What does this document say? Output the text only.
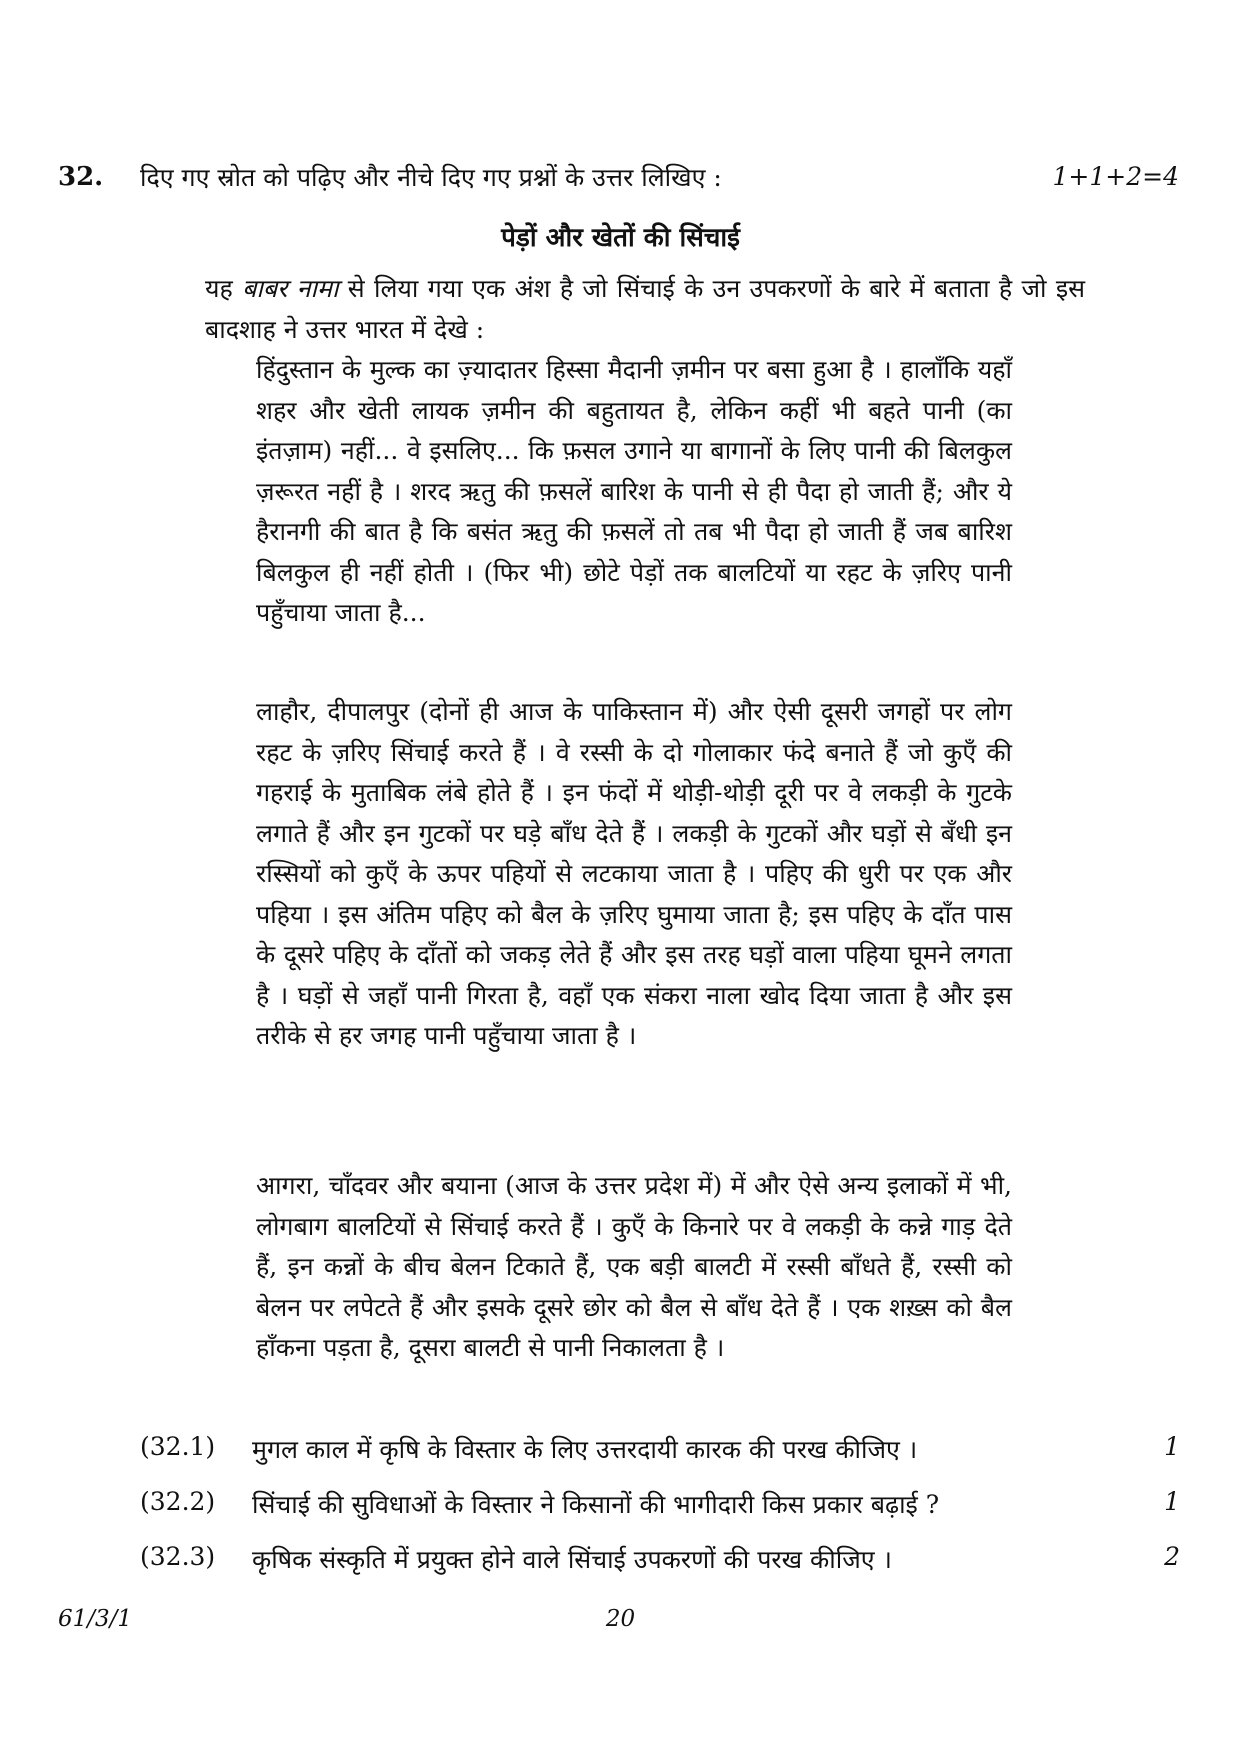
32. दिए गए स्रोत को पढ़िए और नीचे दिए गए प्रश्नों के उत्तर लिखिए :	1+1+2=4
पेड़ों और खेतों की सिंचाई
यह बाबर नामा से लिया गया एक अंश है जो सिंचाई के उन उपकरणों के बारे में बताता है जो इस बादशाह ने उत्तर भारत में देखे :
हिंदुस्तान के मुल्क का ज़्यादातर हिस्सा मैदानी ज़मीन पर बसा हुआ है । हालाँकि यहाँ शहर और खेती लायक ज़मीन की बहुतायत है, लेकिन कहीं भी बहते पानी (का इंतज़ाम) नहीं... वे इसलिए... कि फ़सल उगाने या बागानों के लिए पानी की बिलकुल ज़रूरत नहीं है । शरद ऋतु की फ़सलें बारिश के पानी से ही पैदा हो जाती हैं; और ये हैरानगी की बात है कि बसंत ऋतु की फ़सलें तो तब भी पैदा हो जाती हैं जब बारिश बिलकुल ही नहीं होती । (फिर भी) छोटे पेड़ों तक बालटियों या रहट के ज़रिए पानी पहुँचाया जाता है...
लाहौर, दीपालपुर (दोनों ही आज के पाकिस्तान में) और ऐसी दूसरी जगहों पर लोग रहट के ज़रिए सिंचाई करते हैं । वे रस्सी के दो गोलाकार फंदे बनाते हैं जो कुएँ की गहराई के मुताबिक लंबे होते हैं । इन फंदों में थोड़ी-थोड़ी दूरी पर वे लकड़ी के गुटके लगाते हैं और इन गुटकों पर घड़े बाँध देते हैं । लकड़ी के गुटकों और घड़ों से बँधी इन रस्सियों को कुएँ के ऊपर पहियों से लटकाया जाता है । पहिए की धुरी पर एक और पहिया । इस अंतिम पहिए को बैल के ज़रिए घुमाया जाता है; इस पहिए के दाँत पास के दूसरे पहिए के दाँतों को जकड़ लेते हैं और इस तरह घड़ों वाला पहिया घूमने लगता है । घड़ों से जहाँ पानी गिरता है, वहाँ एक संकरा नाला खोद दिया जाता है और इस तरीके से हर जगह पानी पहुँचाया जाता है ।
आगरा, चाँदवर और बयाना (आज के उत्तर प्रदेश में) में और ऐसे अन्य इलाकों में भी, लोगबाग बालटियों से सिंचाई करते हैं । कुएँ के किनारे पर वे लकड़ी के कन्ने गाड़ देते हैं, इन कन्नों के बीच बेलन टिकाते हैं, एक बड़ी बालटी में रस्सी बाँधते हैं, रस्सी को बेलन पर लपेटते हैं और इसके दूसरे छोर को बैल से बाँध देते हैं । एक शख़्स को बैल हाँकना पड़ता है, दूसरा बालटी से पानी निकालता है ।
(32.1) मुगल काल में कृषि के विस्तार के लिए उत्तरदायी कारक की परख कीजिए ।	1
(32.2) सिंचाई की सुविधाओं के विस्तार ने किसानों की भागीदारी किस प्रकार बढ़ाई ?	1
(32.3) कृषिक संस्कृति में प्रयुक्त होने वाले सिंचाई उपकरणों की परख कीजिए ।	2
61/3/1	20
